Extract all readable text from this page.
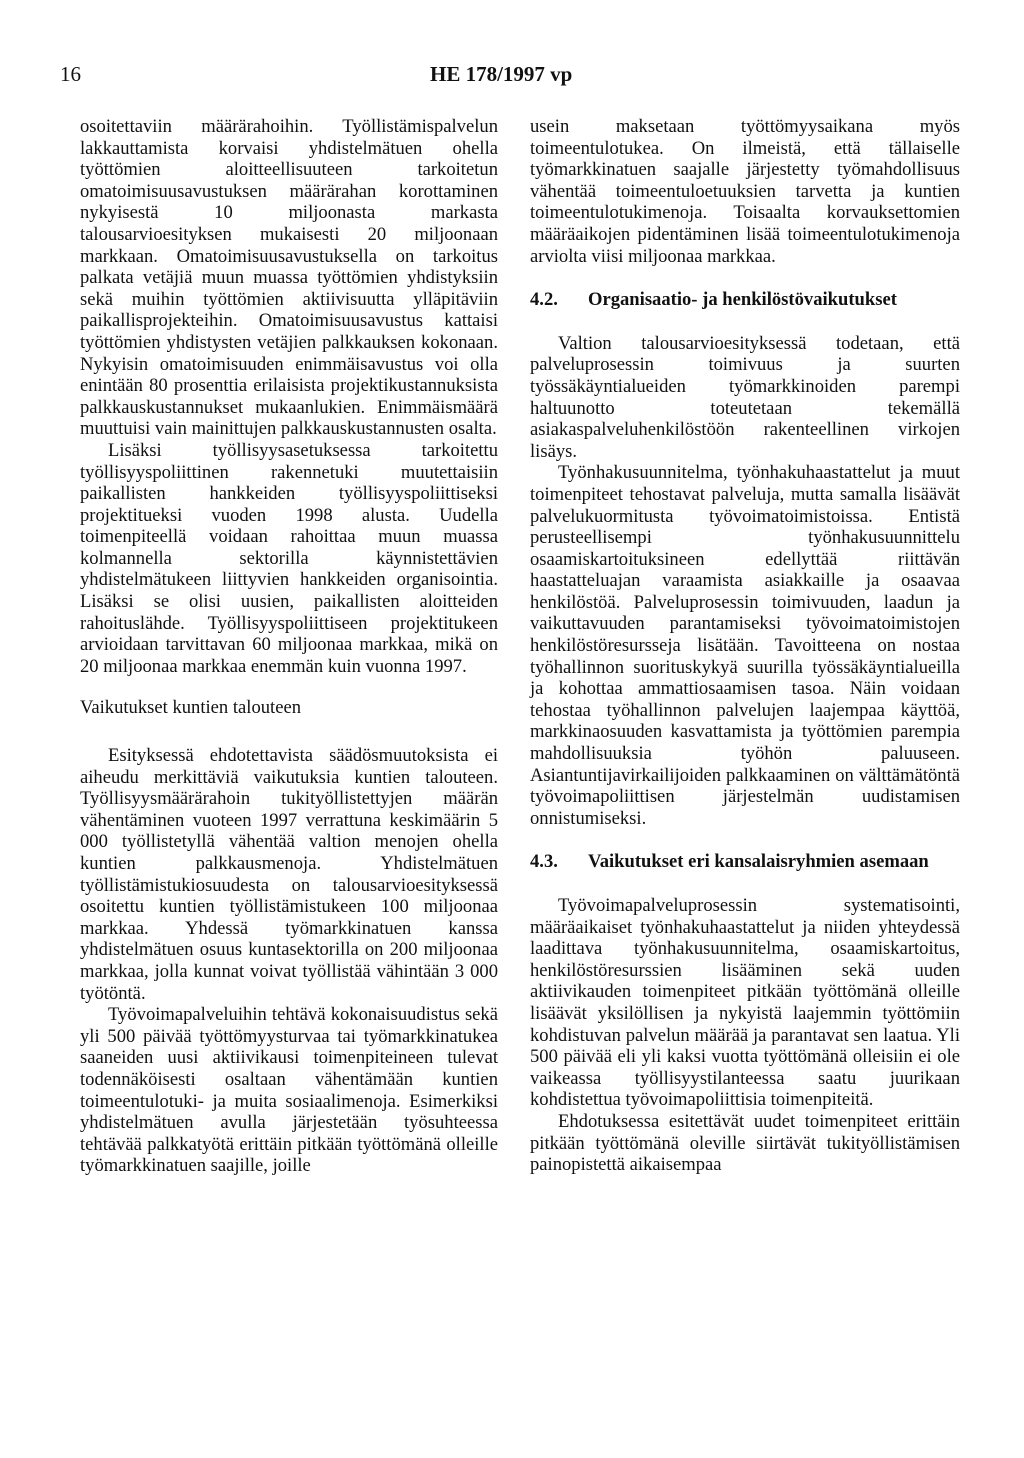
16	HE 178/1997 vp

osoitettaviin määrärahoihin. Työllistämispalvelun lakkauttamista korvaisi yhdistelmätuen ohella työttömien aloitteellisuuteen tarkoitetun omatoimisuusavustuksen määrärahan korottaminen nykyisestä 10 miljoonasta markasta talousarvioesityksen mukaisesti 20 miljoonaan markkaan. Omatoimisuusavustuksella on tarkoitus palkata vetäjiä muun muassa työttömien yhdistyksiin sekä muihin työttömien aktiivisuutta ylläpitäviin paikallisprojekteihin. Omatoimisuusavustus kattaisi työttömien yhdistysten vetäjien palkkauksen kokonaan. Nykyisin omatoimisuuden enimmäisavustus voi olla enintään 80 prosenttia erilaisista projektikustannuksista palkkauskustannukset mukaanlukien. Enimmäismäärä muuttuisi vain mainittujen palkkauskustannusten osalta.

Lisäksi työllisyysasetuksessa tarkoitettu työllisyyspoliittinen rakennetuki muutettaisiin paikallisten hankkeiden työllisyyspoliittiseksi projektitueksi vuoden 1998 alusta. Uudella toimenpiteellä voidaan rahoittaa muun muassa kolmannella sektorilla käynnistettävien yhdistelmätukeen liittyvien hankkeiden organisointia. Lisäksi se olisi uusien, paikallisten aloitteiden rahoituslähde. Työllisyyspoliittiseen projektitukeen arvioidaan tarvittavan 60 miljoonaa markkaa, mikä on 20 miljoonaa markkaa enemmän kuin vuonna 1997.

Vaikutukset kuntien talouteen

Esityksessä ehdotettavista säädösmuutoksista ei aiheudu merkittäviä vaikutuksia kuntien talouteen. Työllisyysmäärärahoin tukityöllistettyjen määrän vähentäminen vuoteen 1997 verrattuna keskimäärin 5 000 työllistetyllä vähentää valtion menojen ohella kuntien palkkausmenoja. Yhdistelmätuen työllistämistukiosuudesta on talousarvioesityksessä osoitettu kuntien työllistämistukeen 100 miljoonaa markkaa. Yhdessä työmarkkinatuen kanssa yhdistelmätuen osuus kuntasektorilla on 200 miljoonaa markkaa, jolla kunnat voivat työllistää vähintään 3 000 työtöntä.

Työvoimapalveluihin tehtävä kokonaisuudistus sekä yli 500 päivää työttömyysturvaa tai työmarkkinatukea saaneiden uusi aktiivikausi toimenpiteineen tulevat todennäköisesti osaltaan vähentämään kuntien toimeentulotuki- ja muita sosiaalimenoja. Esimerkiksi yhdistelmätuen avulla järjestetään työsuhteessa tehtävää palkkatyötä erittäin pitkään työttömänä olleille työmarkkinatuen saajille, joille

usein maksetaan työttömyysaikana myös toimeentulotukea. On ilmeistä, että tällaiselle työmarkkinatuen saajalle järjestetty työmahdollisuus vähentää toimeentuloetuuksien tarvetta ja kuntien toimeentulotukimenoja. Toisaalta korvauksettomien määräaikojen pidentäminen lisää toimeentulotukimenoja arviolta viisi miljoonaa markkaa.

4.2.	Organisaatio- ja henkilöstövaikutukset

Valtion talousarvioesityksessä todetaan, että palveluprosessin toimivuus ja suurten työssäkäyntialueiden työmarkkinoiden parempi haltuunotto toteutetaan tekemällä asiakaspalveluhenkilöstöön rakenteellinen virkojen lisäys.

Työnhakusuunnitelma, työnhakuhaastattelut ja muut toimenpiteet tehostavat palveluja, mutta samalla lisäävät palvelukuormitusta työvoimatoimistoissa. Entistä perusteellisempi työnhakusuunnittelu osaamiskartoituksineen edellyttää riittävän haastatteluajan varaamista asiakkaille ja osaavaa henkilöstöä. Palveluprosessin toimivuuden, laadun ja vaikuttavuuden parantamiseksi työvoimatoimistojen henkilöstöresursseja lisätään. Tavoitteena on nostaa työhallinnon suorituskykyä suurilla työssäkäyntialueilla ja kohottaa ammattiosaamisen tasoa. Näin voidaan tehostaa työhallinnon palvelujen laajempaa käyttöä, markkinaosuuden kasvattamista ja työttömien parempia mahdollisuuksia työhön paluuseen. Asiantuntijavirkailijoiden palkkaaminen on välttämätöntä työvoimapoliittisen järjestelmän uudistamisen onnistumiseksi.

4.3.	Vaikutukset eri kansalaisryhmien asemaan

Työvoimapalveluprosessin systematisointi, määräaikaiset työnhakuhaastattelut ja niiden yhteydessä laadittava työnhakusuunnitelma, osaamiskartoitus, henkilöstöresurssien lisääminen sekä uuden aktiivikauden toimenpiteet pitkään työttömänä olleille lisäävät yksilöllisen ja nykyistä laajemmin työttömiin kohdistuvan palvelun määrää ja parantavat sen laatua. Yli 500 päivää eli yli kaksi vuotta työttömänä olleisiin ei ole vaikeassa työllisyystilanteessa saatu juurikaan kohdistettua työvoimapoliittisia toimenpiteitä.

Ehdotuksessa esitettävät uudet toimenpiteet erittäin pitkään työttömänä oleville siirtävät tukityöllistämisen painopistettä aikaisempaa
